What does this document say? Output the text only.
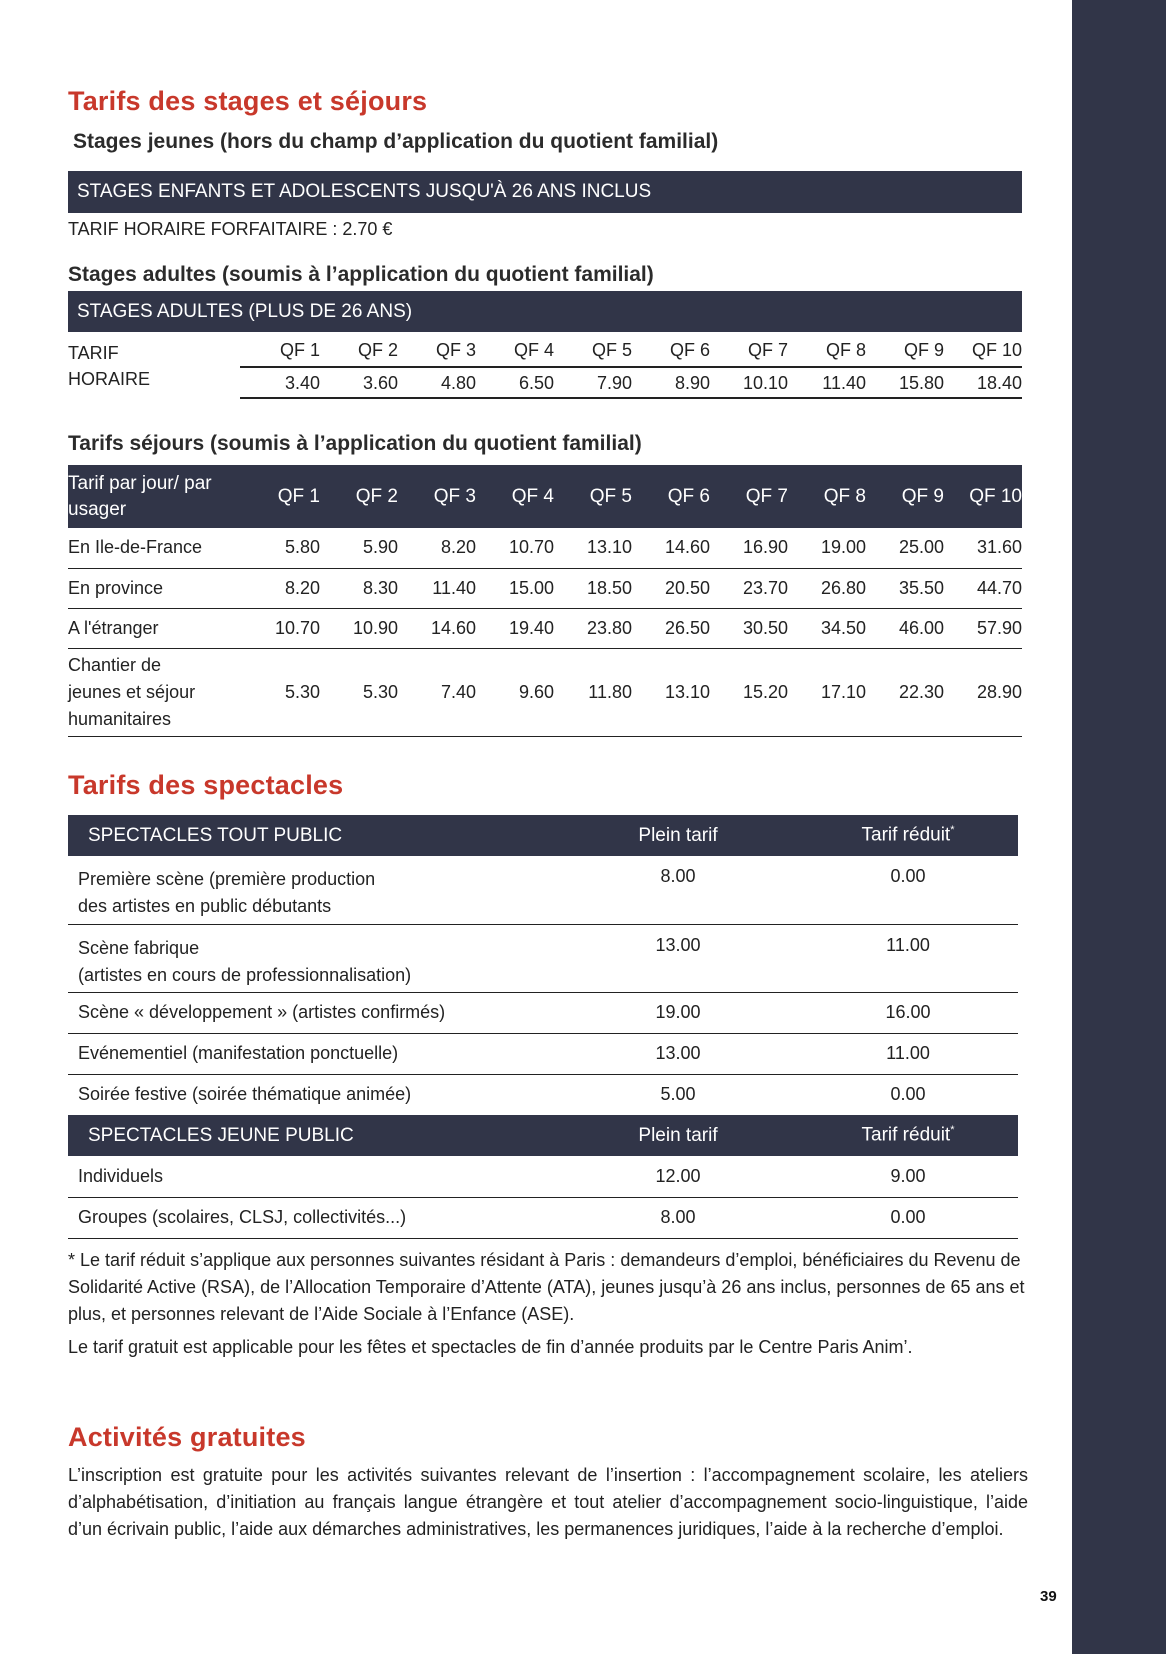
39
Tarifs des stages et séjours
Stages jeunes (hors du champ d’application du quotient familial)
STAGES ENFANTS ET ADOLESCENTS JUSQU'À 26 ANS INCLUS
TARIF HORAIRE FORFAITAIRE : 2.70 €
Stages adultes (soumis à l’application du quotient familial)
STAGES ADULTES (PLUS DE 26 ANS)
TARIF
HORAIRE
QF 1	QF 2	QF 3	QF 4	QF 5	QF 6	QF 7	QF 8	QF 9	QF 10
3.40	3.60	4.80	6.50	7.90	8.90	10.10	11.40	15.80	18.40
Tarifs séjours (soumis à l’application du quotient familial)
Tarif par jour/ par
usager	QF 1	QF 2	QF 3	QF 4	QF 5	QF 6	QF 7	QF 8	QF 9	QF 10
En Ile-de-France	5.80	5.90	8.20	10.70	13.10	14.60	16.90	19.00	25.00	31.60
En province	8.20	8.30	11.40	15.00	18.50	20.50	23.70	26.80	35.50	44.70
A l'étranger	10.70	10.90	14.60	19.40	23.80	26.50	30.50	34.50	46.00	57.90

Chantier de
jeunes et séjour
humanitaires	5.30	5.30	7.40	9.60	11.80	13.10	15.20	17.10	22.30	28.90
Tarifs des spectacles
SPECTACLES TOUT PUBLIC	Plein tarif	Tarif réduit*

Première scène (première production
des artistes en public débutants	8.00	0.00

Scène fabrique
(artistes en cours de professionnalisation)	13.00	11.00
Scène « développement » (artistes confirmés)	19.00	16.00
Evénementiel (manifestation ponctuelle)	13.00	11.00
Soirée festive (soirée thématique animée)	5.00	0.00
SPECTACLES JEUNE PUBLIC	Plein tarif	Tarif réduit*
Individuels	12.00	9.00
Groupes (scolaires, CLSJ, collectivités...)	8.00	0.00
* Le tarif réduit s’applique aux personnes suivantes résidant à Paris : demandeurs d’emploi, bénéficiaires du Revenu de Solidarité Active (RSA), de l’Allocation Temporaire d’Attente (ATA), jeunes jusqu’à 26 ans inclus, personnes de 65 ans et plus, et personnes relevant de l’Aide Sociale à l’Enfance (ASE).
Le tarif gratuit est applicable pour les fêtes et spectacles de fin d’année produits par le Centre Paris Anim’.
Activités gratuites
L’inscription est gratuite pour les activités suivantes relevant de l’insertion : l’accompagnement scolaire, les ateliers d’alphabétisation, d’initiation au français langue étrangère et tout atelier d’accompagnement socio-linguistique, l’aide d’un écrivain public, l’aide aux démarches administratives, les permanences juridiques, l’aide à la recherche d’emploi.
